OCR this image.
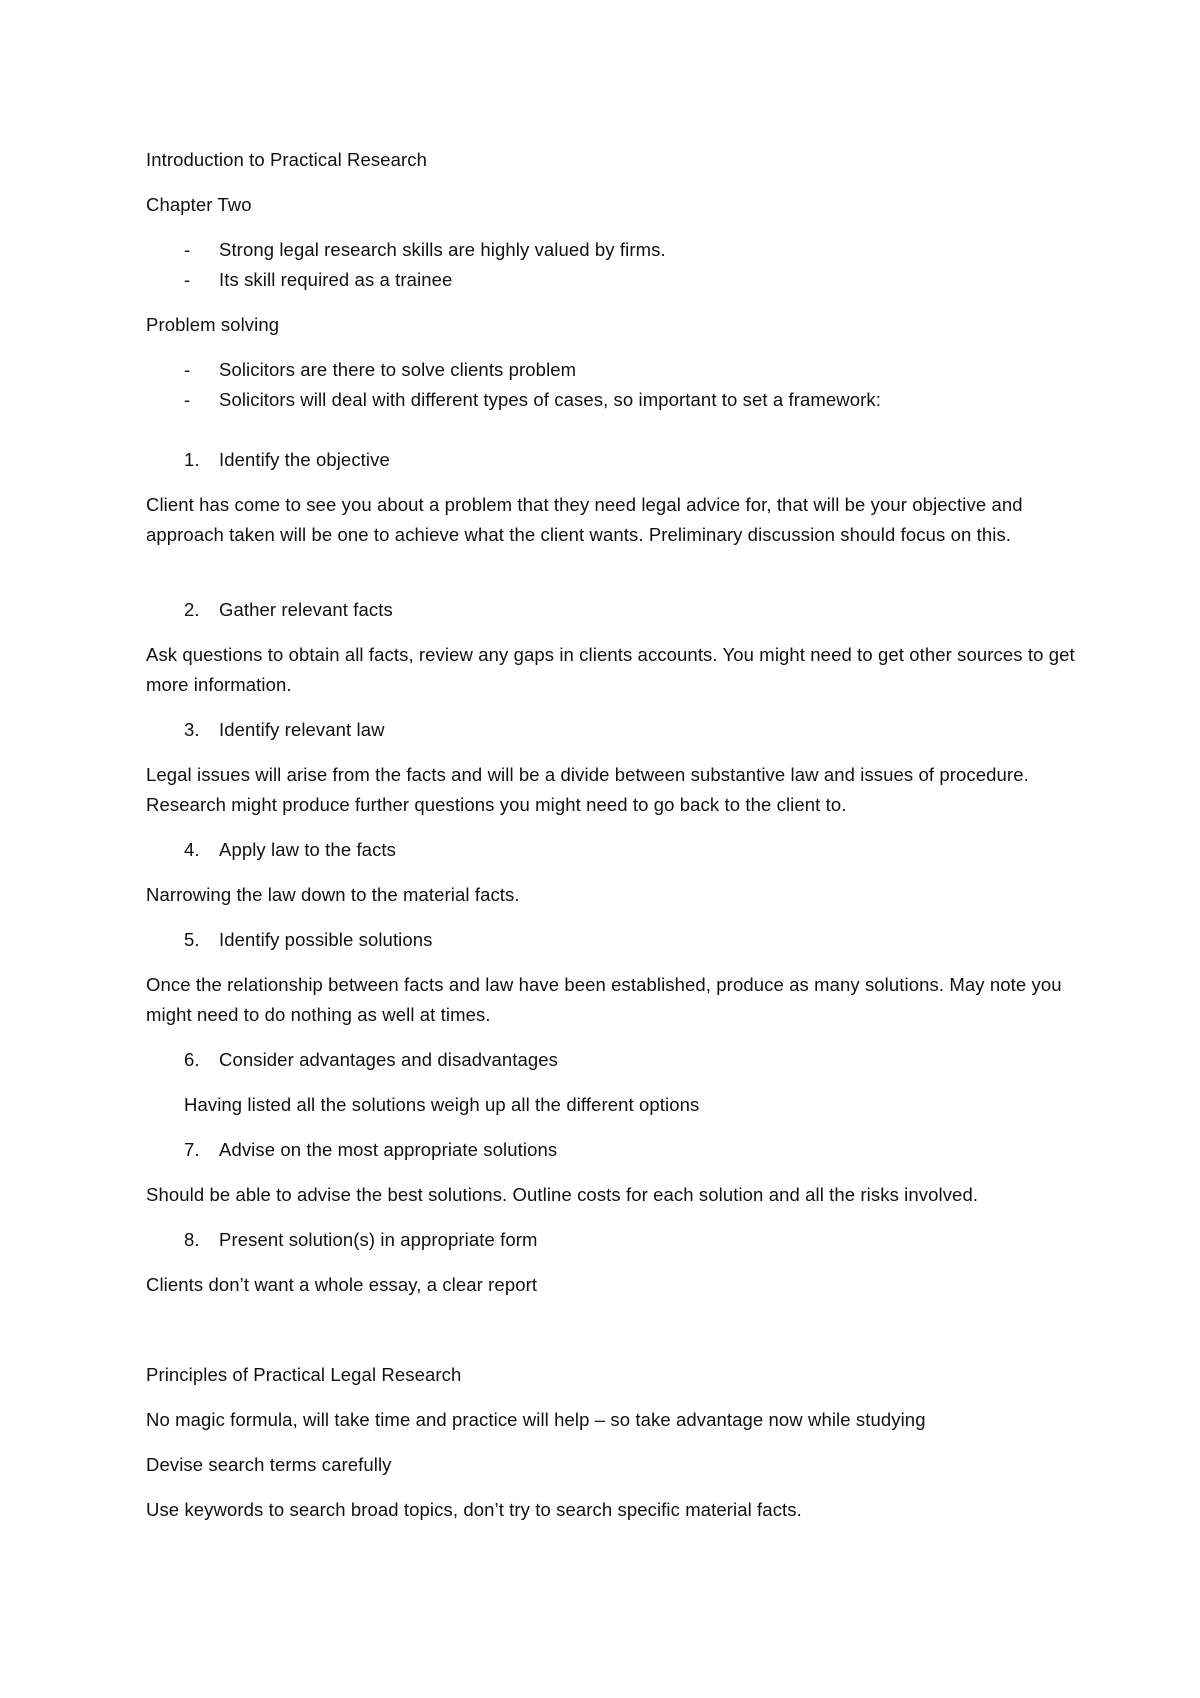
Introduction to Practical Research
Chapter Two
- Strong legal research skills are highly valued by firms.
- Its skill required as a trainee
Problem solving
- Solicitors are there to solve clients problem
- Solicitors will deal with different types of cases, so important to set a framework:
1. Identify the objective
Client has come to see you about a problem that they need legal advice for, that will be your objective and approach taken will be one to achieve what the client wants. Preliminary discussion should focus on this.
2. Gather relevant facts
Ask questions to obtain all facts, review any gaps in clients accounts. You might need to get other sources to get more information.
3. Identify relevant law
Legal issues will arise from the facts and will be a divide between substantive law and issues of procedure. Research might produce further questions you might need to go back to the client to.
4. Apply law to the facts
Narrowing the law down to the material facts.
5. Identify possible solutions
Once the relationship between facts and law have been established, produce as many solutions. May note you might need to do nothing as well at times.
6. Consider advantages and disadvantages
Having listed all the solutions weigh up all the different options
7. Advise on the most appropriate solutions
Should be able to advise the best solutions. Outline costs for each solution and all the risks involved.
8. Present solution(s) in appropriate form
Clients don’t want a whole essay, a clear report
Principles of Practical Legal Research
No magic formula, will take time and practice will help – so take advantage now while studying
Devise search terms carefully
Use keywords to search broad topics, don’t try to search specific material facts.
